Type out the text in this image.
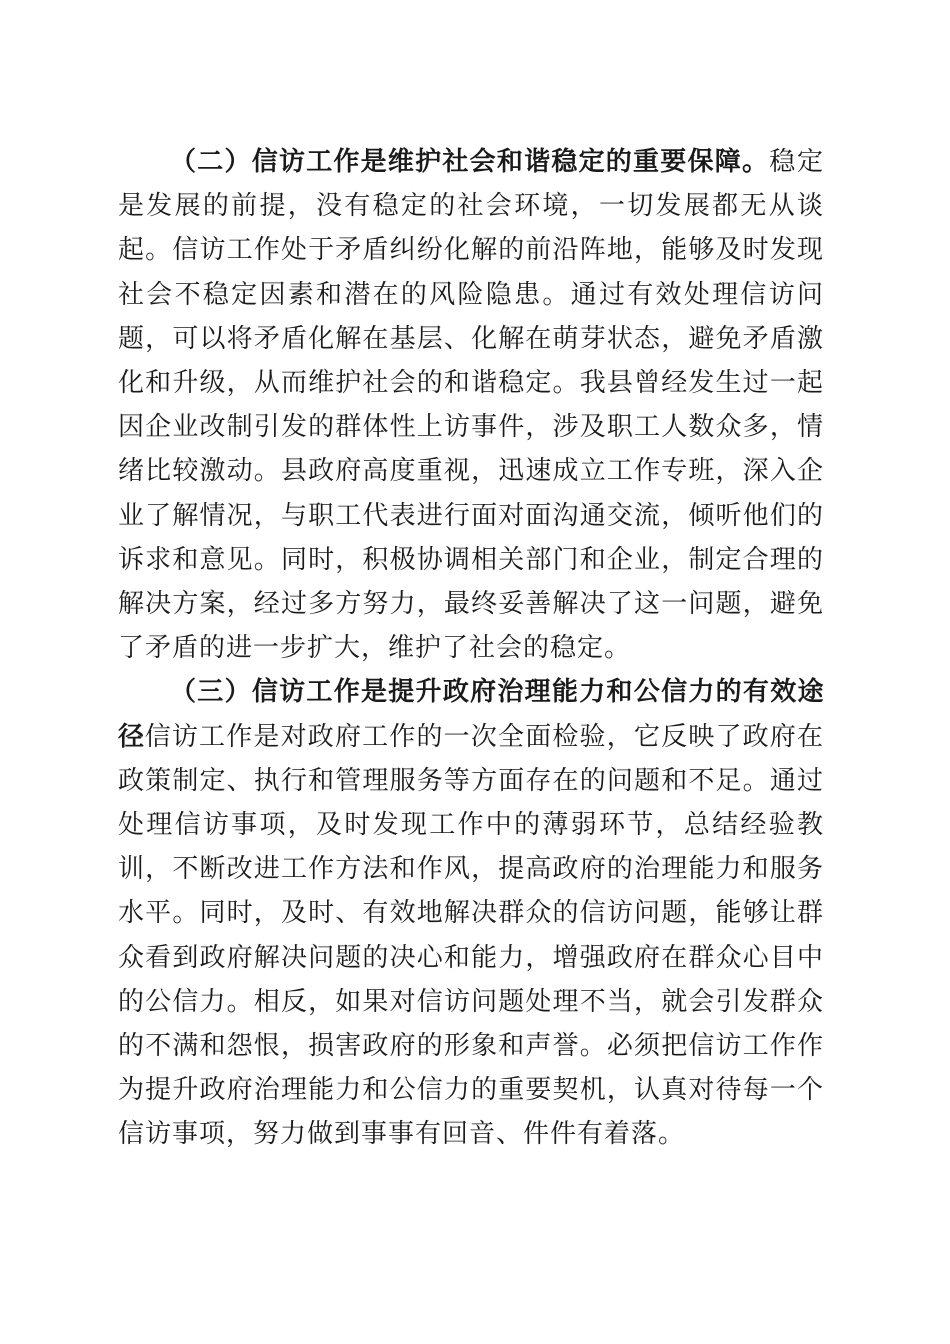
（二）信访工作是维护社会和谐稳定的重要保障。稳定是发展的前提，没有稳定的社会环境，一切发展都无从谈起。信访工作处于矛盾纠纷化解的前沿阵地，能够及时发现社会不稳定因素和潜在的风险隐患。通过有效处理信访问题，可以将矛盾化解在基层、化解在萌芽状态，避免矛盾激化和升级，从而维护社会的和谐稳定。我县曾经发生过一起因企业改制引发的群体性上访事件，涉及职工人数众多，情绪比较激动。县政府高度重视，迅速成立工作专班，深入企业了解情况，与职工代表进行面对面沟通交流，倾听他们的诉求和意见。同时，积极协调相关部门和企业，制定合理的解决方案，经过多方努力，最终妥善解决了这一问题，避免了矛盾的进一步扩大，维护了社会的稳定。

（三）信访工作是提升政府治理能力和公信力的有效途径信访工作是对政府工作的一次全面检验，它反映了政府在政策制定、执行和管理服务等方面存在的问题和不足。通过处理信访事项，及时发现工作中的薄弱环节，总结经验教训，不断改进工作方法和作风，提高政府的治理能力和服务水平。同时，及时、有效地解决群众的信访问题，能够让群众看到政府解决问题的决心和能力，增强政府在群众心目中的公信力。相反，如果对信访问题处理不当，就会引发群众的不满和怨恨，损害政府的形象和声誉。必须把信访工作作为提升政府治理能力和公信力的重要契机，认真对待每一个信访事项，努力做到事事有回音、件件有着落。
